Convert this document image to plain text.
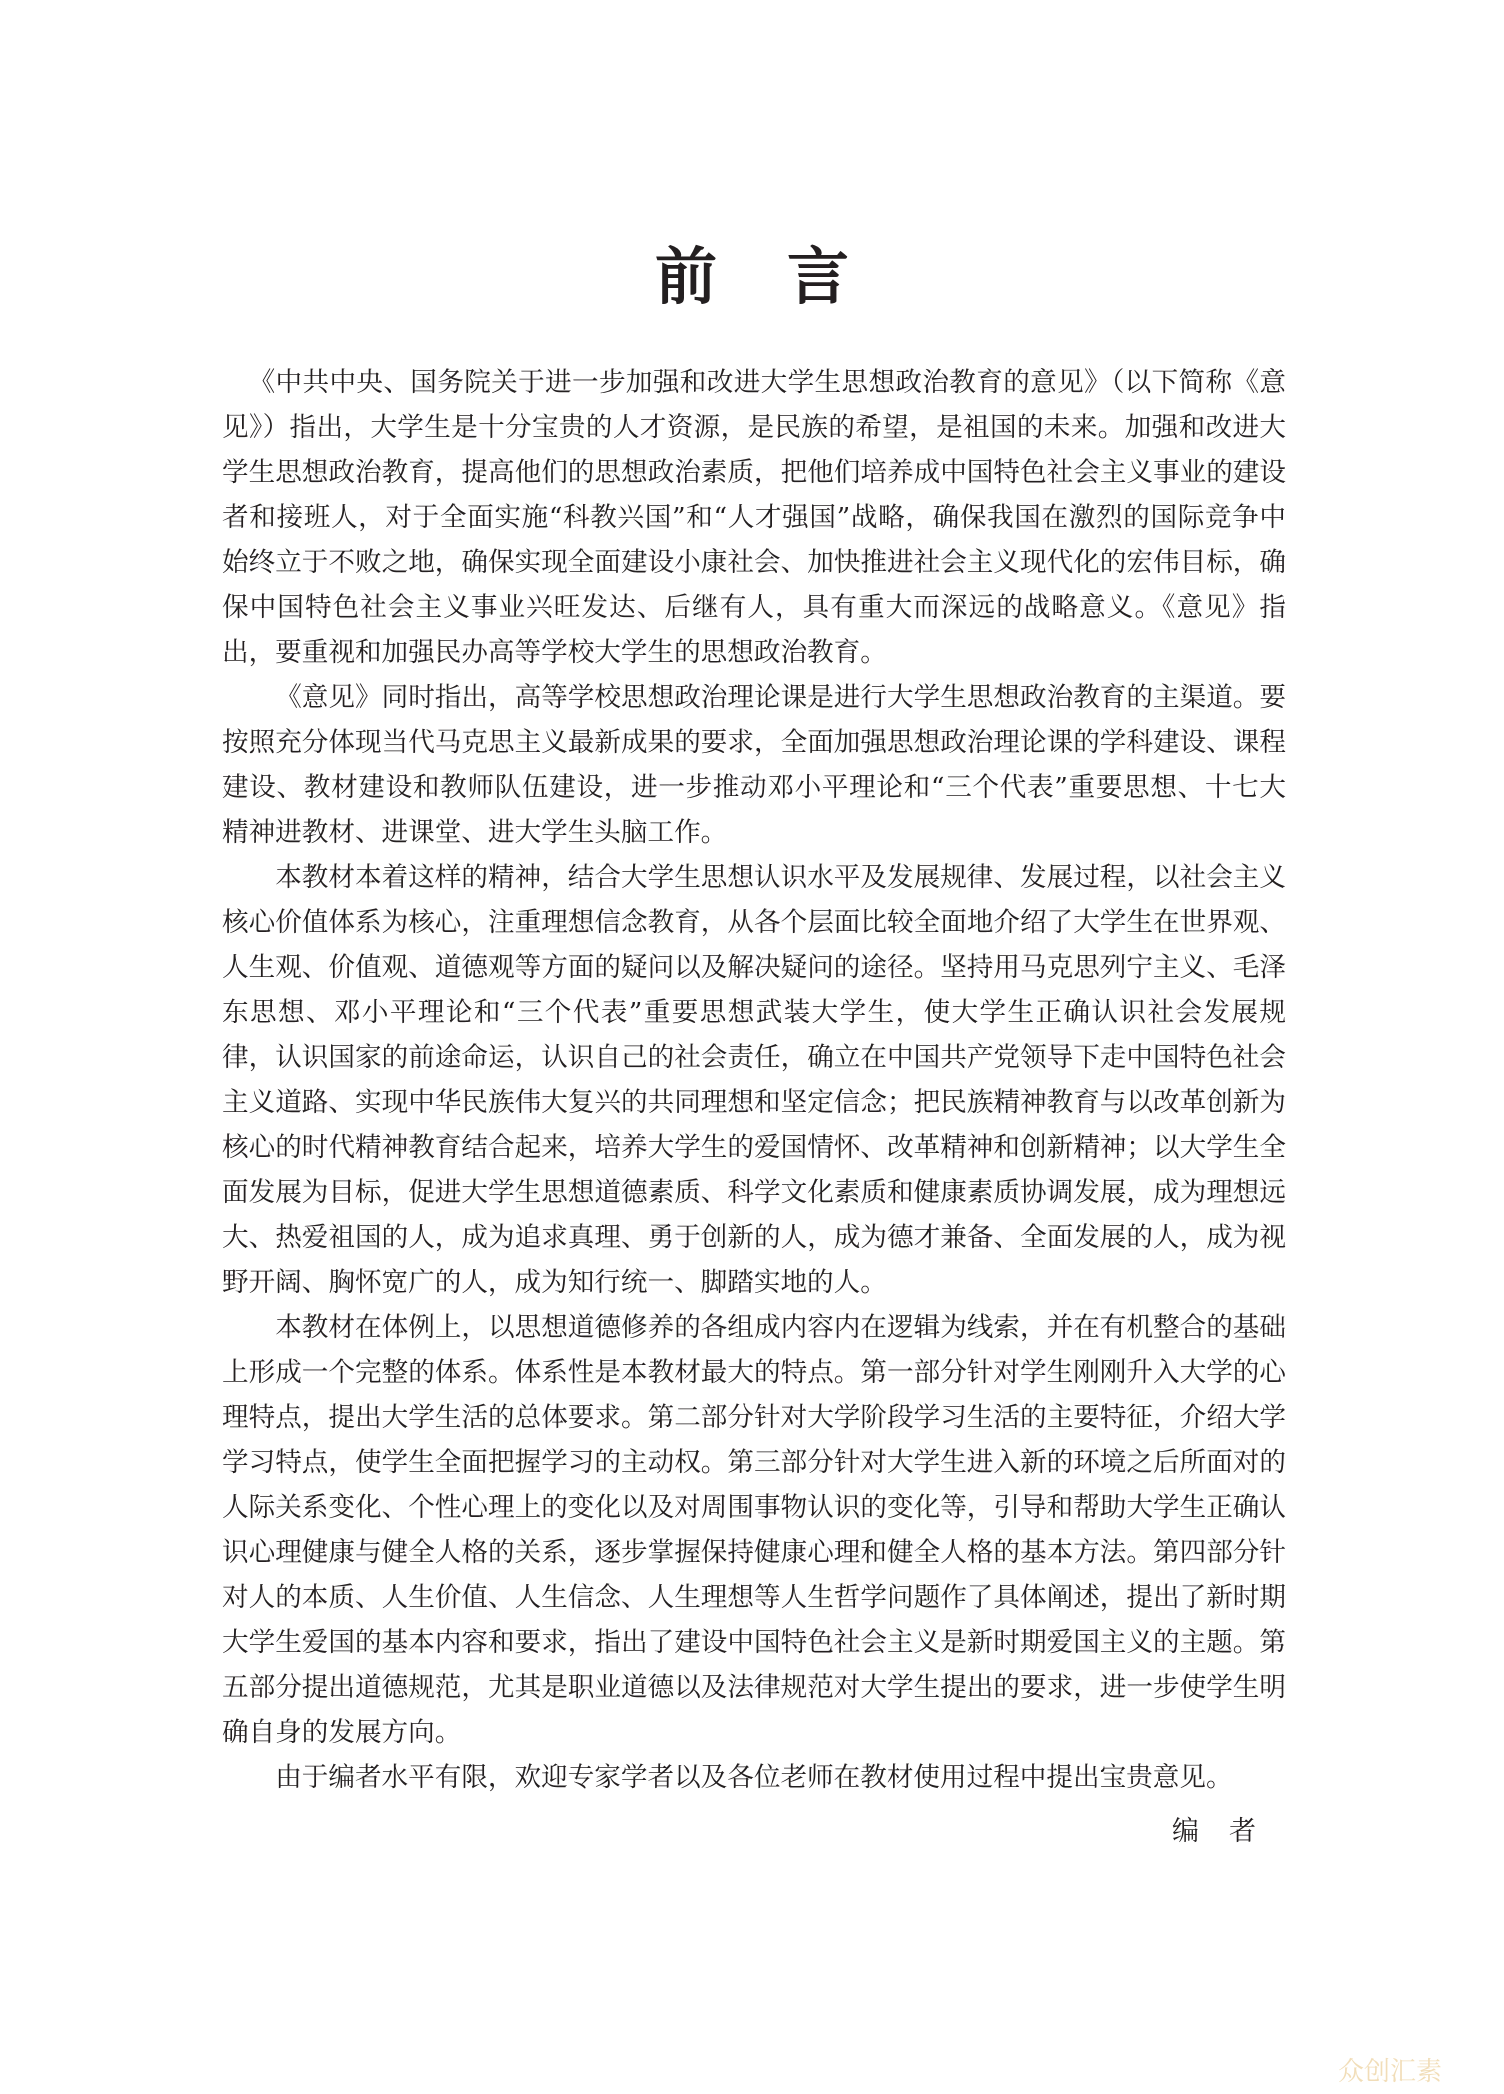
前言

《中共中央、国务院关于进一步加强和改进大学生思想政治教育的意见》（以下简称《意见》）指出，大学生是十分宝贵的人才资源，是民族的希望，是祖国的未来。加强和改进大学生思想政治教育，提高他们的思想政治素质，把他们培养成中国特色社会主义事业的建设者和接班人，对于全面实施“科教兴国”和“人才强国”战略，确保我国在激烈的国际竞争中始终立于不败之地，确保实现全面建设小康社会、加快推进社会主义现代化的宏伟目标，确保中国特色社会主义事业兴旺发达、后继有人，具有重大而深远的战略意义。《意见》指出，要重视和加强民办高等学校大学生的思想政治教育。

《意见》同时指出，高等学校思想政治理论课是进行大学生思想政治教育的主渠道。要按照充分体现当代马克思主义最新成果的要求，全面加强思想政治理论课的学科建设、课程建设、教材建设和教师队伍建设，进一步推动邓小平理论和“三个代表”重要思想、十七大精神进教材、进课堂、进大学生头脑工作。

本教材本着这样的精神，结合大学生思想认识水平及发展规律、发展过程，以社会主义核心价值体系为核心，注重理想信念教育，从各个层面比较全面地介绍了大学生在世界观、人生观、价值观、道德观等方面的疑问以及解决疑问的途径。坚持用马克思列宁主义、毛泽东思想、邓小平理论和“三个代表”重要思想武装大学生，使大学生正确认识社会发展规律，认识国家的前途命运，认识自己的社会责任，确立在中国共产党领导下走中国特色社会主义道路、实现中华民族伟大复兴的共同理想和坚定信念；把民族精神教育与以改革创新为核心的时代精神教育结合起来，培养大学生的爱国情怀、改革精神和创新精神；以大学生全面发展为目标，促进大学生思想道德素质、科学文化素质和健康素质协调发展，成为理想远大、热爱祖国的人，成为追求真理、勇于创新的人，成为德才兼备、全面发展的人，成为视野开阔、胸怀宽广的人，成为知行统一、脚踏实地的人。

本教材在体例上，以思想道德修养的各组成内容内在逻辑为线索，并在有机整合的基础上形成一个完整的体系。体系性是本教材最大的特点。第一部分针对学生刚刚升入大学的心理特点，提出大学生活的总体要求。第二部分针对大学阶段学习生活的主要特征，介绍大学学习特点，使学生全面把握学习的主动权。第三部分针对大学生进入新的环境之后所面对的人际关系变化、个性心理上的变化以及对周围事物认识的变化等，引导和帮助大学生正确认识心理健康与健全人格的关系，逐步掌握保持健康心理和健全人格的基本方法。第四部分针对人的本质、人生价值、人生信念、人生理想等人生哲学问题作了具体阐述，提出了新时期大学生爱国的基本内容和要求，指出了建设中国特色社会主义是新时期爱国主义的主题。第五部分提出道德规范，尤其是职业道德以及法律规范对大学生提出的要求，进一步使学生明确自身的发展方向。

由于编者水平有限，欢迎专家学者以及各位老师在教材使用过程中提出宝贵意见。

编者

众创汇素
